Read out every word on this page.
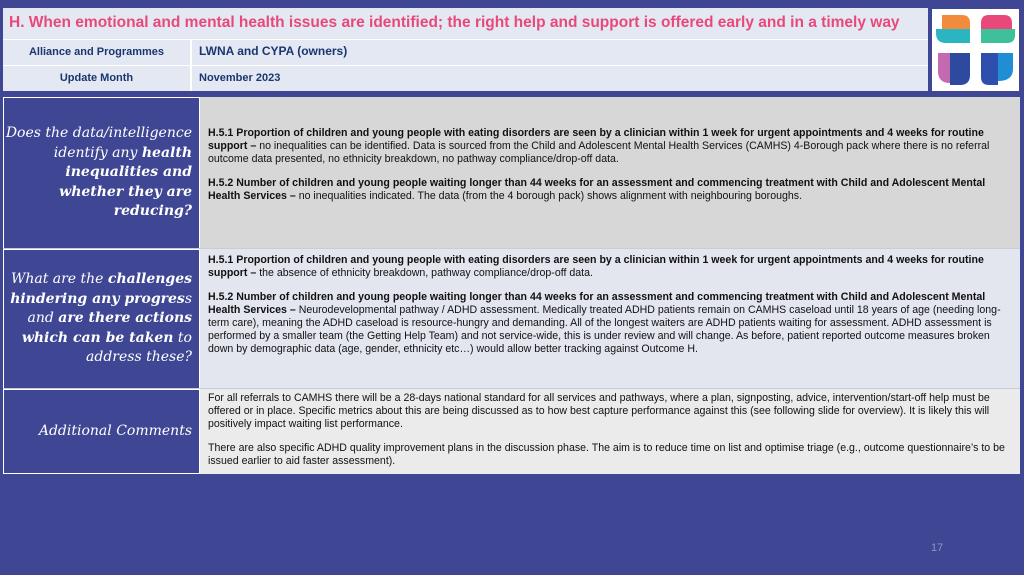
H. When emotional and mental health issues are identified; the right help and support is offered early and in a timely way
Alliance and Programmes	LWNA and CYPA (owners)
Update Month	November 2023
Does the data/intelligence identify any health inequalities and whether they are reducing?

H.5.1 Proportion of children and young people with eating disorders are seen by a clinician within 1 week for urgent appointments and 4 weeks for routine support – no inequalities can be identified. Data is sourced from the Child and Adolescent Mental Health Services (CAMHS) 4-Borough pack where there is no referral outcome data presented, no ethnicity breakdown, no pathway compliance/drop-off data.

H.5.2 Number of children and young people waiting longer than 44 weeks for an assessment and commencing treatment with Child and Adolescent Mental Health Services – no inequalities indicated. The data (from the 4 borough pack) shows alignment with neighbouring boroughs.

What are the challenges hindering any progress and are there actions which can be taken to address these?

H.5.1 Proportion of children and young people with eating disorders are seen by a clinician within 1 week for urgent appointments and 4 weeks for routine support – the absence of ethnicity breakdown, pathway compliance/drop-off data.

H.5.2 Number of children and young people waiting longer than 44 weeks for an assessment and commencing treatment with Child and Adolescent Mental Health Services – Neurodevelopmental pathway / ADHD assessment. Medically treated ADHD patients remain on CAMHS caseload until 18 years of age (needing long-term care), meaning the ADHD caseload is resource-hungry and demanding. All of the longest waiters are ADHD patients waiting for assessment. ADHD assessment is performed by a smaller team (the Getting Help Team) and not service-wide, this is under review and will change. As before, patient reported outcome measures broken down by demographic data (age, gender, ethnicity etc…) would allow better tracking against Outcome H.

Additional Comments

For all referrals to CAMHS there will be a 28-days national standard for all services and pathways, where a plan, signposting, advice, intervention/start-off help must be offered or in place. Specific metrics about this are being discussed as to how best capture performance against this (see following slide for overview). It is likely this will positively impact waiting list performance.

There are also specific ADHD quality improvement plans in the discussion phase. The aim is to reduce time on list and optimise triage (e.g., outcome questionnaire’s to be issued earlier to aid faster assessment).

17
